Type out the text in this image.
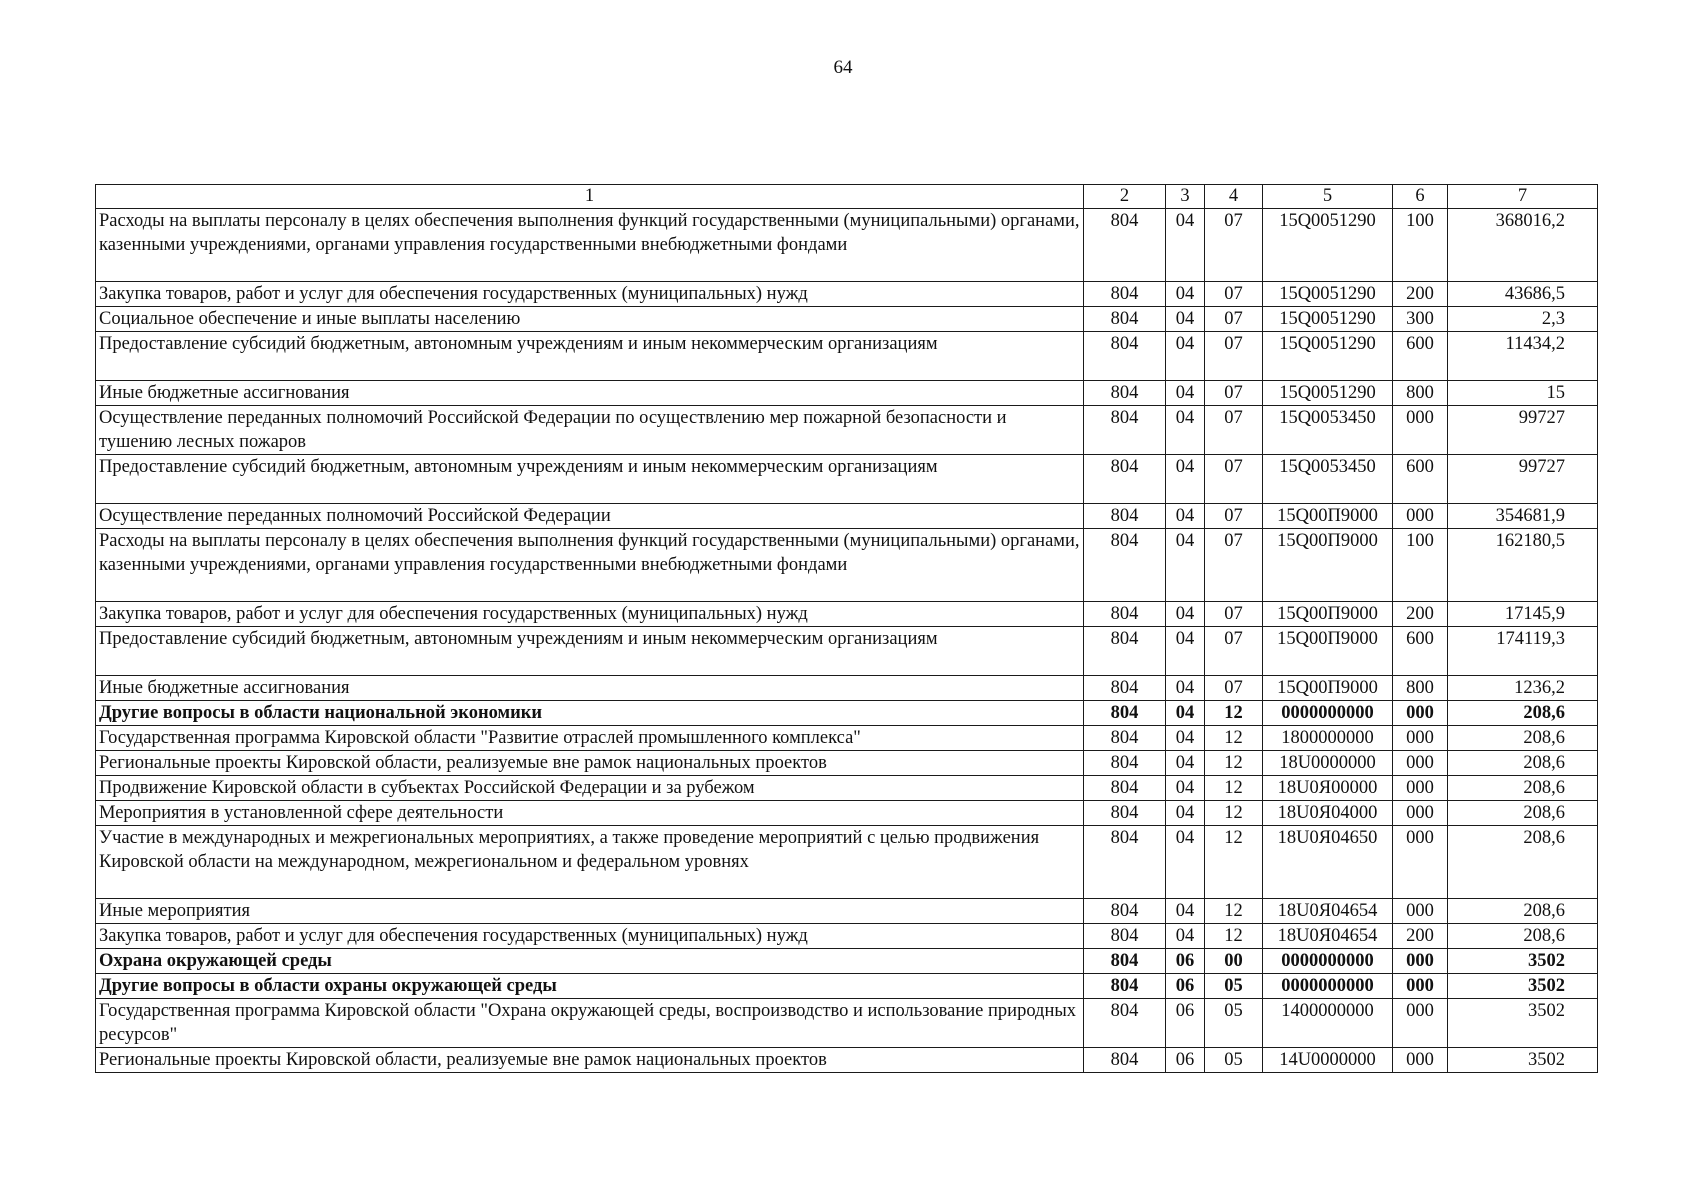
64
1	2	3	4	5	6	7
Расходы на выплаты персоналу в целях обеспечения выполнения функций государственными (муниципальными) органами, казенными учреждениями, органами управления государственными внебюджетными фондами	804	04	07	15Q0051290	100	368016,2
Закупка товаров, работ и услуг для обеспечения государственных (муниципальных) нужд	804	04	07	15Q0051290	200	43686,5
Социальное обеспечение и иные выплаты населению	804	04	07	15Q0051290	300	2,3
Предоставление субсидий бюджетным, автономным учреждениям и иным некоммерческим организациям	804	04	07	15Q0051290	600	11434,2
Иные бюджетные ассигнования	804	04	07	15Q0051290	800	15
Осуществление переданных полномочий Российской Федерации по осуществлению мер пожарной безопасности и тушению лесных пожаров	804	04	07	15Q0053450	000	99727
Предоставление субсидий бюджетным, автономным учреждениям и иным некоммерческим организациям	804	04	07	15Q0053450	600	99727
Осуществление переданных полномочий Российской Федерации	804	04	07	15Q00П9000	000	354681,9
Расходы на выплаты персоналу в целях обеспечения выполнения функций государственными (муниципальными) органами, казенными учреждениями, органами управления государственными внебюджетными фондами	804	04	07	15Q00П9000	100	162180,5
Закупка товаров, работ и услуг для обеспечения государственных (муниципальных) нужд	804	04	07	15Q00П9000	200	17145,9
Предоставление субсидий бюджетным, автономным учреждениям и иным некоммерческим организациям	804	04	07	15Q00П9000	600	174119,3
Иные бюджетные ассигнования	804	04	07	15Q00П9000	800	1236,2
Другие вопросы в области национальной экономики	804	04	12	0000000000	000	208,6
Государственная программа Кировской области "Развитие отраслей промышленного комплекса"	804	04	12	1800000000	000	208,6
Региональные проекты Кировской области, реализуемые вне рамок национальных проектов	804	04	12	18U0000000	000	208,6
Продвижение Кировской области в субъектах Российской Федерации и за рубежом	804	04	12	18U0Я00000	000	208,6
Мероприятия в установленной сфере деятельности	804	04	12	18U0Я04000	000	208,6
Участие в международных и межрегиональных мероприятиях, а также проведение мероприятий с целью продвижения Кировской области на международном, межрегиональном и федеральном уровнях	804	04	12	18U0Я04650	000	208,6
Иные мероприятия	804	04	12	18U0Я04654	000	208,6
Закупка товаров, работ и услуг для обеспечения государственных (муниципальных) нужд	804	04	12	18U0Я04654	200	208,6
Охрана окружающей среды	804	06	00	0000000000	000	3502
Другие вопросы в области охраны окружающей среды	804	06	05	0000000000	000	3502
Государственная программа Кировской области "Охрана окружающей среды, воспроизводство и использование природных ресурсов"	804	06	05	1400000000	000	3502
Региональные проекты Кировской области, реализуемые вне рамок национальных проектов	804	06	05	14U0000000	000	3502
